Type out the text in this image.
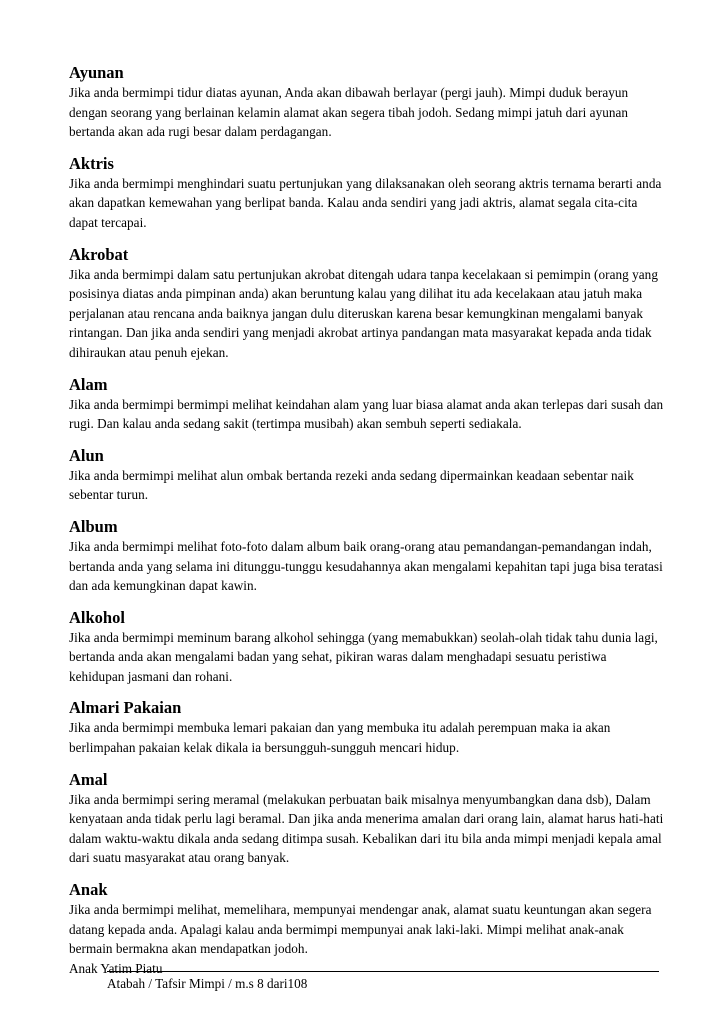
Ayunan
Jika anda bermimpi tidur diatas ayunan, Anda akan dibawah berlayar (pergi jauh). Mimpi duduk berayun dengan seorang yang berlainan kelamin alamat akan segera tibah jodoh. Sedang mimpi jatuh dari ayunan bertanda akan ada rugi besar dalam perdagangan.
Aktris
Jika anda bermimpi menghindari suatu pertunjukan yang dilaksanakan oleh seorang aktris ternama berarti anda akan dapatkan kemewahan yang berlipat banda. Kalau anda sendiri yang jadi aktris, alamat segala cita-cita dapat tercapai.
Akrobat
Jika anda bermimpi dalam satu pertunjukan akrobat ditengah udara tanpa kecelakaan si pemimpin (orang yang posisinya diatas anda pimpinan anda) akan beruntung kalau yang dilihat itu ada kecelakaan atau jatuh maka perjalanan atau rencana anda baiknya jangan dulu diteruskan karena besar kemungkinan mengalami banyak rintangan. Dan jika anda sendiri yang menjadi akrobat artinya pandangan mata masyarakat kepada anda tidak dihiraukan atau penuh ejekan.
Alam
Jika anda bermimpi bermimpi melihat keindahan alam yang luar biasa alamat anda akan terlepas dari susah dan rugi. Dan kalau anda sedang sakit (tertimpa musibah) akan sembuh seperti sediakala.
Alun
Jika anda bermimpi melihat alun ombak bertanda rezeki anda sedang dipermainkan keadaan sebentar naik sebentar turun.
Album
Jika anda bermimpi melihat foto-foto dalam album baik orang-orang atau pemandangan-pemandangan indah, bertanda anda yang selama ini ditunggu-tunggu kesudahannya akan mengalami kepahitan tapi juga bisa teratasi dan ada kemungkinan dapat kawin.
Alkohol
Jika anda bermimpi meminum barang alkohol sehingga (yang memabukkan) seolah-olah tidak tahu dunia lagi, bertanda anda akan mengalami badan yang sehat, pikiran waras dalam menghadapi sesuatu peristiwa kehidupan jasmani dan rohani.
Almari Pakaian
Jika anda bermimpi membuka lemari pakaian dan yang membuka itu adalah perempuan maka ia akan berlimpahan pakaian kelak dikala ia bersungguh-sungguh mencari hidup.
Amal
Jika anda bermimpi sering meramal (melakukan perbuatan baik misalnya menyumbangkan dana dsb), Dalam kenyataan anda tidak perlu lagi beramal. Dan jika anda menerima amalan dari orang lain, alamat harus hati-hati dalam waktu-waktu dikala anda sedang ditimpa susah. Kebalikan dari itu bila anda mimpi menjadi kepala amal dari suatu masyarakat atau orang banyak.
Anak
Jika anda bermimpi melihat, memelihara, mempunyai mendengar anak, alamat suatu keuntungan akan segera datang kepada anda. Apalagi kalau anda bermimpi mempunyai anak laki-laki. Mimpi melihat anak-anak bermain bermakna akan mendapatkan jodoh.
Anak Yatim Piatu
Atabah / Tafsir Mimpi / m.s 8 dari108
